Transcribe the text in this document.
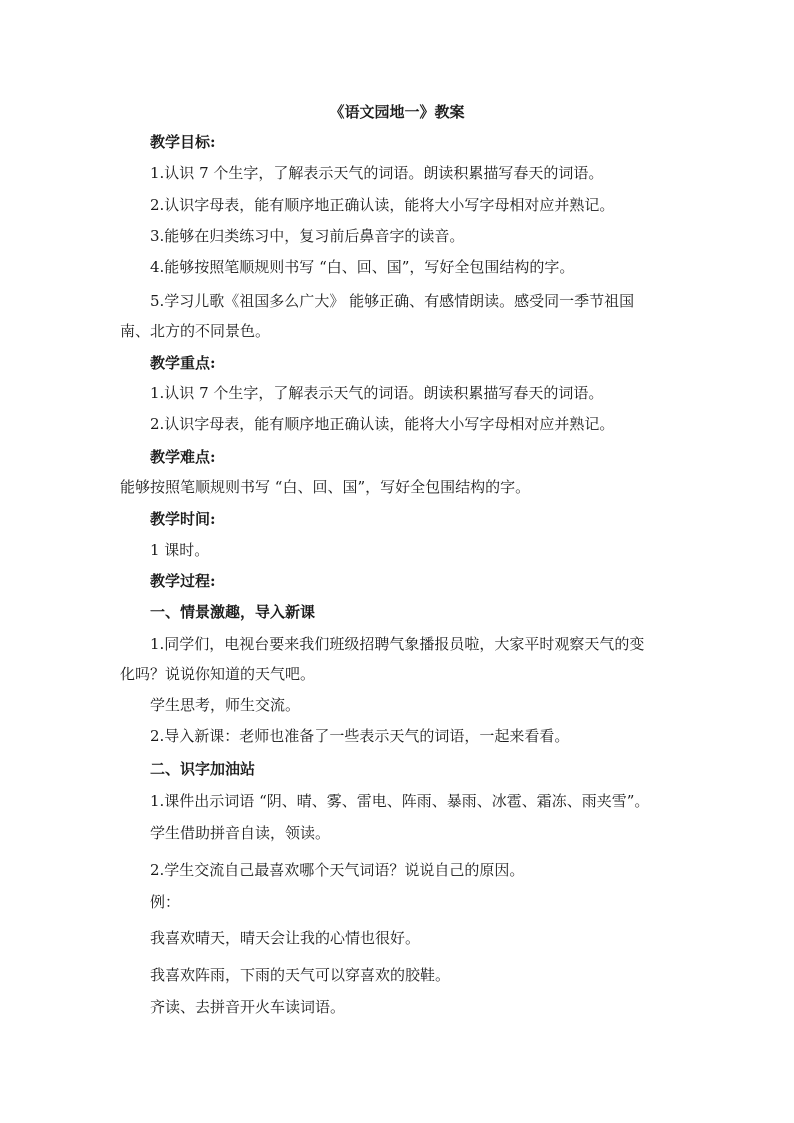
《语文园地一》教案
教学目标:
1.认识 7 个生字，了解表示天气的词语。朗读积累描写春天的词语。
2.认识字母表，能有顺序地正确认读，能将大小写字母相对应并熟记。
3.能够在归类练习中，复习前后鼻音字的读音。
4.能够按照笔顺规则书写 “白、回、国”，写好全包围结构的字。
5.学习儿歌《祖国多么广大》 能够正确、有感情朗读。感受同一季节祖国
南、北方的不同景色。
教学重点:
1.认识 7 个生字，了解表示天气的词语。朗读积累描写春天的词语。
2.认识字母表，能有顺序地正确认读，能将大小写字母相对应并熟记。
教学难点:
能够按照笔顺规则书写 “白、回、国”，写好全包围结构的字。
教学时间:
1 课时。
教学过程:
一、情景激趣，导入新课
1.同学们，电视台要来我们班级招聘气象播报员啦，大家平时观察天气的变
化吗？说说你知道的天气吧。
学生思考，师生交流。
2.导入新课：老师也准备了一些表示天气的词语，一起来看看。
二、识字加油站
1.课件出示词语 “阴、晴、雾、雷电、阵雨、暴雨、冰雹、霜冻、雨夹雪”。
学生借助拼音自读，领读。
2.学生交流自己最喜欢哪个天气词语？说说自己的原因。
例：
我喜欢晴天，晴天会让我的心情也很好。
我喜欢阵雨，下雨的天气可以穿喜欢的胶鞋。
齐读、去拼音开火车读词语。
